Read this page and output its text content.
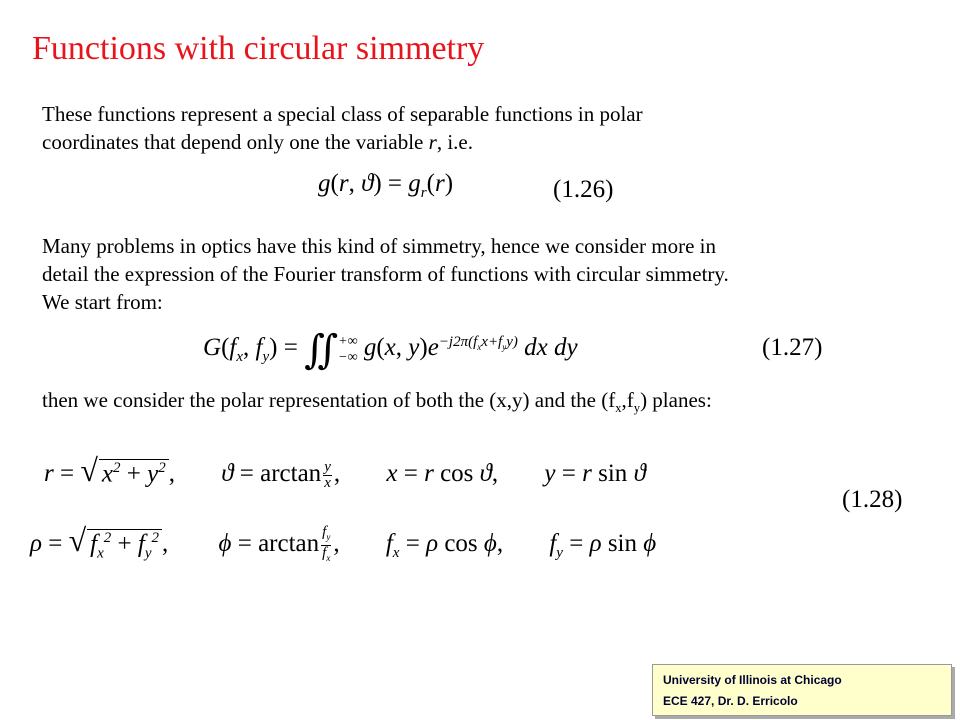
Functions with circular simmetry
These functions represent a special class of separable functions in polar
coordinates that depend only one the variable r, i.e.
g(r, $ϑ) = g_r(r)$	(1.26)
Many problems in optics have this kind of simmetry, hence we consider more in
detail the expression of the Fourier transform of functions with circular simmetry.
We start from:
$G(f_x$, $f_y$) = ∬ +∞
−∞ g(x, $y)e^{-j2\pi(f_xx+f_yy)}$ dx dy	(1.27)
then we consider the polar representation of both the (x,y) and the $(f_x,f_y)$ planes:
r = √ $x^2 + y^2$ , $ϑ = \arctan \frac{y}{x}$ , x = r cos ϑ, y = r sin ϑ
(1.28)
ρ = √ $f_x^2 + f_y^2$ , $\phi = \arctan \frac{f_y}{f_x}$ , $f_x = \rho$ cos ϕ, $f_y = \rho$ sin ϕ
University of Illinois at Chicago
ECE 427, Dr. D. Erricolo
